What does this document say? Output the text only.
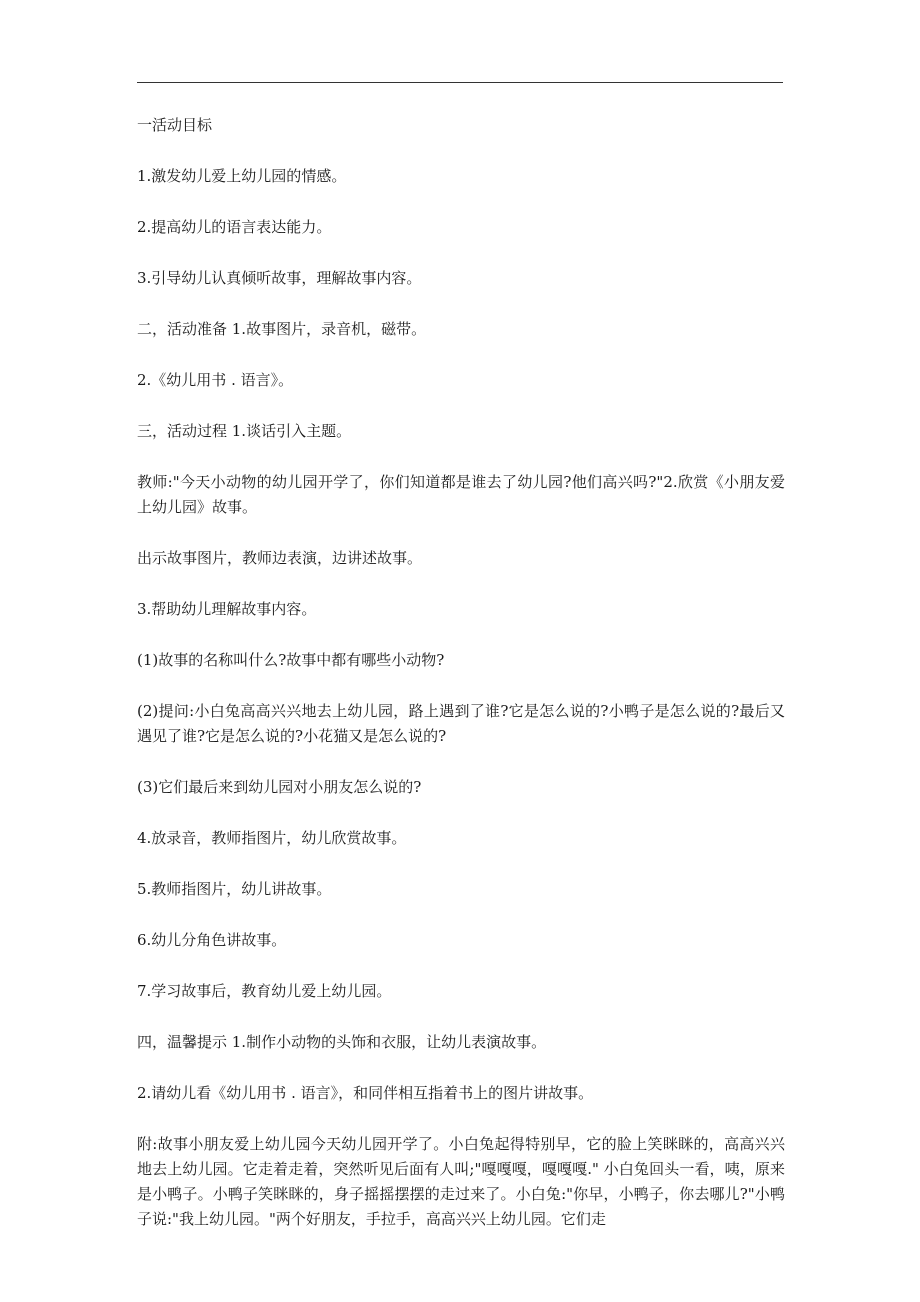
一活动目标

1.激发幼儿爱上幼儿园的情感。

2.提高幼儿的语言表达能力。

3.引导幼儿认真倾听故事，理解故事内容。

二，活动准备 1.故事图片，录音机，磁带。

2.《幼儿用书 . 语言》。

三，活动过程 1.谈话引入主题。

教师:"今天小动物的幼儿园开学了，你们知道都是谁去了幼儿园?他们高兴吗?"2.欣赏《小朋友爱上幼儿园》故事。

出示故事图片，教师边表演，边讲述故事。

3.帮助幼儿理解故事内容。

(1)故事的名称叫什么?故事中都有哪些小动物?

(2)提问:小白兔高高兴兴地去上幼儿园，路上遇到了谁?它是怎么说的?小鸭子是怎么说的?最后又遇见了谁?它是怎么说的?小花猫又是怎么说的?

(3)它们最后来到幼儿园对小朋友怎么说的?

4.放录音，教师指图片，幼儿欣赏故事。

5.教师指图片，幼儿讲故事。

6.幼儿分角色讲故事。

7.学习故事后，教育幼儿爱上幼儿园。

四，温馨提示 1.制作小动物的头饰和衣服，让幼儿表演故事。

2.请幼儿看《幼儿用书 . 语言》，和同伴相互指着书上的图片讲故事。

附:故事小朋友爱上幼儿园今天幼儿园开学了。小白兔起得特别早，它的脸上笑眯眯的，高高兴兴地去上幼儿园。它走着走着，突然听见后面有人叫;"嘎嘎嘎，嘎嘎嘎." 小白兔回头一看，咦，原来是小鸭子。小鸭子笑眯眯的，身子摇摇摆摆的走过来了。小白兔:"你早，小鸭子，你去哪儿?"小鸭子说:"我上幼儿园。"两个好朋友，手拉手，高高兴兴上幼儿园。它们走
